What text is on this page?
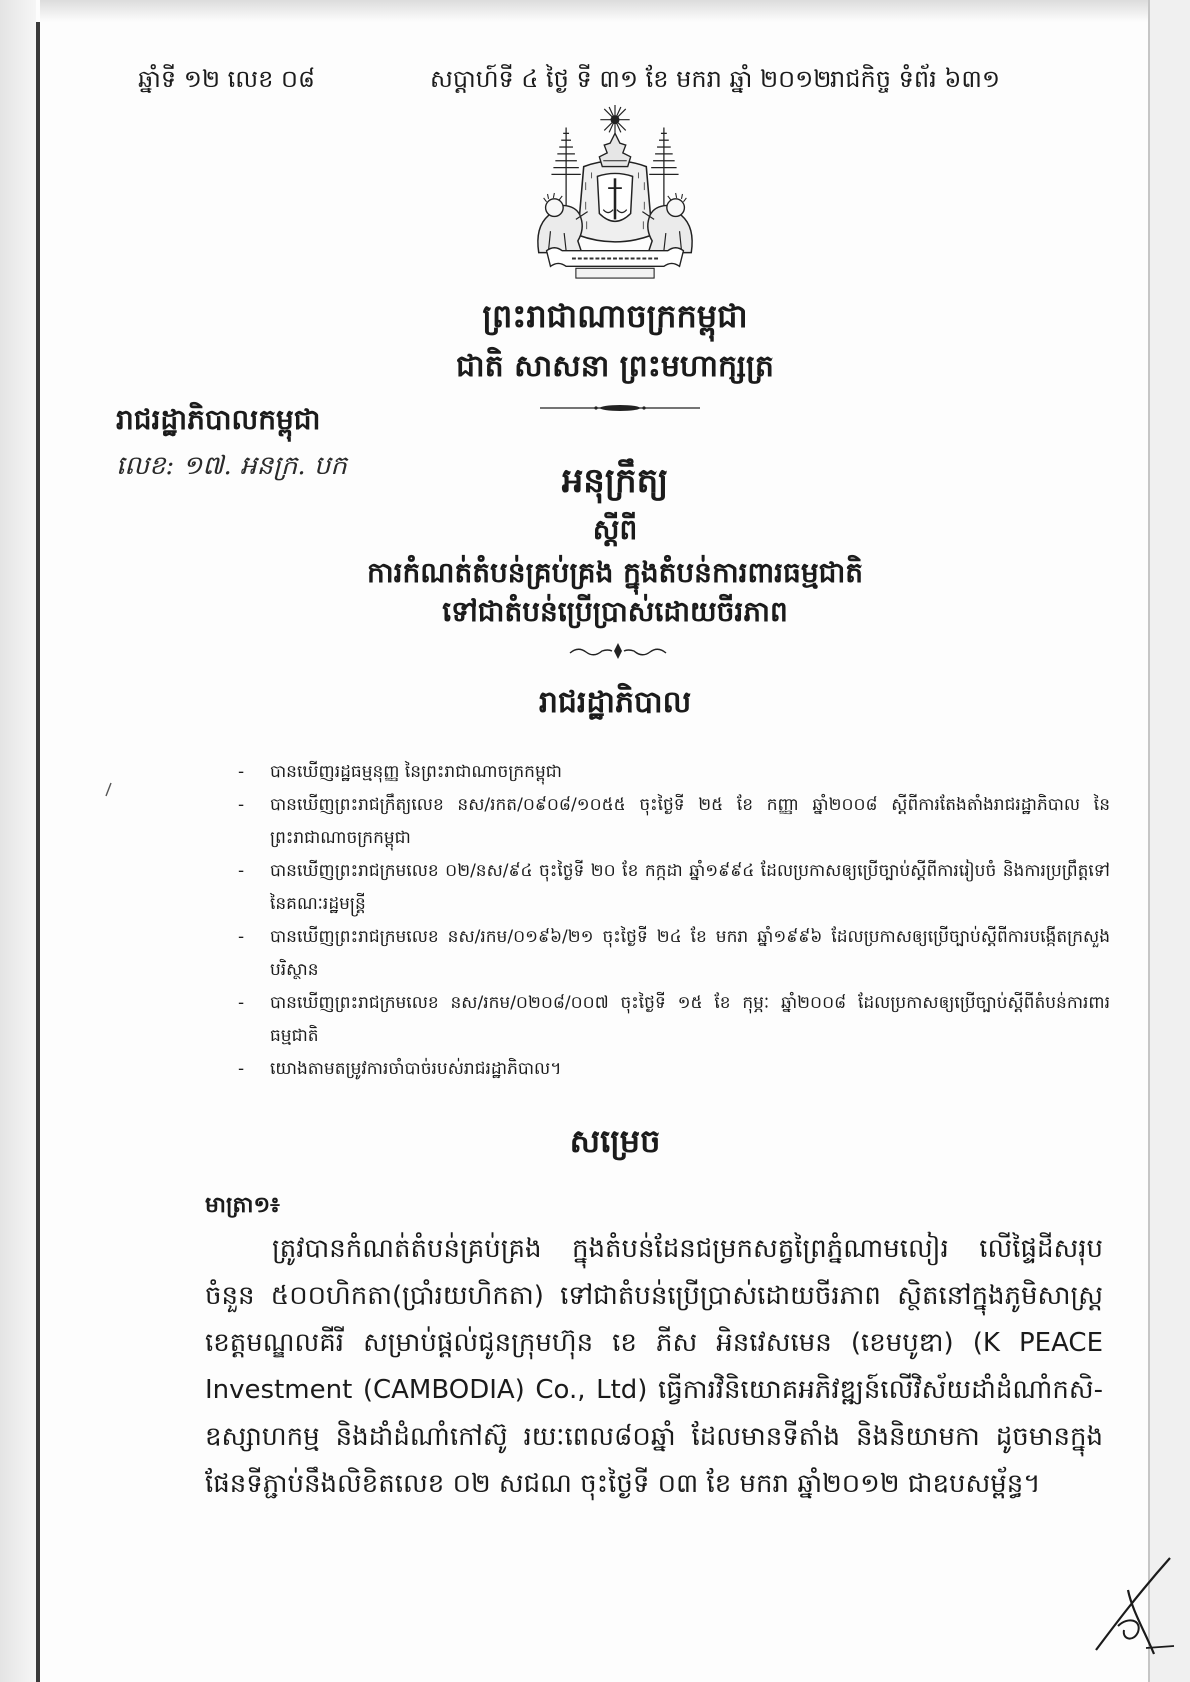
ឆ្នាំទី ១២ លេខ ០៨	សប្តាហ៍ទី ៤ ថ្ងៃ ទី ៣១ ខែ មករា ឆ្នាំ ២០១២
រាជកិច្ច ទំព័រ ៦៣១
ព្រះរាជាណាចក្រកម្ពុជា
ជាតិ សាសនា ព្រះមហាក្សត្រ
រាជរដ្ឋាភិបាលកម្ពុជា
លេខ: ១៧. អនក្រ. បក	អនុក្រឹត្យ
ស្តីពី
ការកំណត់តំបន់គ្រប់គ្រង ក្នុងតំបន់ការពារធម្មជាតិ
ទៅជាតំបន់ប្រើប្រាស់ដោយចីរភាព
រាជរដ្ឋាភិបាល
-	បានឃើញរដ្ឋធម្មនុញ្ញ នៃព្រះរាជាណាចក្រកម្ពុជា
-	បានឃើញព្រះរាជក្រឹត្យលេខ នស/រកត/០៩០៨/១០៥៥ ចុះថ្ងៃទី ២៥ ខែ កញ្ញា ឆ្នាំ២០០៨ ស្តីពីការតែងតាំងរាជរដ្ឋាភិបាល នៃព្រះរាជាណាចក្រកម្ពុជា
-	បានឃើញព្រះរាជក្រមលេខ ០២/នស/៩៤ ចុះថ្ងៃទី ២០ ខែ កក្កដា ឆ្នាំ១៩៩៤ ដែលប្រកាសឲ្យប្រើច្បាប់ស្តីពីការរៀបចំ និងការប្រព្រឹត្តទៅ នៃគណៈរដ្ឋមន្ត្រី
-	បានឃើញព្រះរាជក្រមលេខ នស/រកម/០១៩៦/២១ ចុះថ្ងៃទី ២៤ ខែ មករា ឆ្នាំ១៩៩៦ ដែលប្រកាសឲ្យប្រើច្បាប់ស្តីពីការបង្កើតក្រសួងបរិស្ថាន
-	បានឃើញព្រះរាជក្រមលេខ នស/រកម/០២០៨/០០៧ ចុះថ្ងៃទី ១៥ ខែ កុម្ភៈ ឆ្នាំ២០០៨ ដែលប្រកាសឲ្យប្រើច្បាប់ស្តីពីតំបន់ការពារធម្មជាតិ
-	យោងតាមតម្រូវការចាំបាច់របស់រាជរដ្ឋាភិបាល។
សម្រេច
មាត្រា១៖
ត្រូវបានកំណត់តំបន់គ្រប់គ្រង ក្នុងតំបន់ដែនជម្រកសត្វព្រៃភ្នំណាមលៀរ លើផ្ទៃដីសរុបចំនួន ៥០០ហិកតា(ប្រាំរយហិកតា) ទៅជាតំបន់ប្រើប្រាស់ដោយចីរភាព ស្ថិតនៅក្នុងភូមិសាស្ត្រខេត្តមណ្ឌលគីរី សម្រាប់ផ្តល់ជូនក្រុមហ៊ុន ខេ ភីស អិនវេសមេន (ខេមបូឌា) (K PEACE Investment (CAMBODIA) Co., Ltd) ធ្វើការវិនិយោគអភិវឌ្ឍន៍លើវិស័យដាំដំណាំកសិ-ឧស្សាហកម្ម និងដាំដំណាំកៅស៊ូ រយៈពេល៨០ឆ្នាំ ដែលមានទីតាំង និងនិយាមកា ដូចមានក្នុងផែនទីភ្ជាប់នឹងលិខិតលេខ ០២ សជណ ចុះថ្ងៃទី ០៣ ខែ មករា ឆ្នាំ២០១២ ជាឧបសម្ព័ន្ធ។
